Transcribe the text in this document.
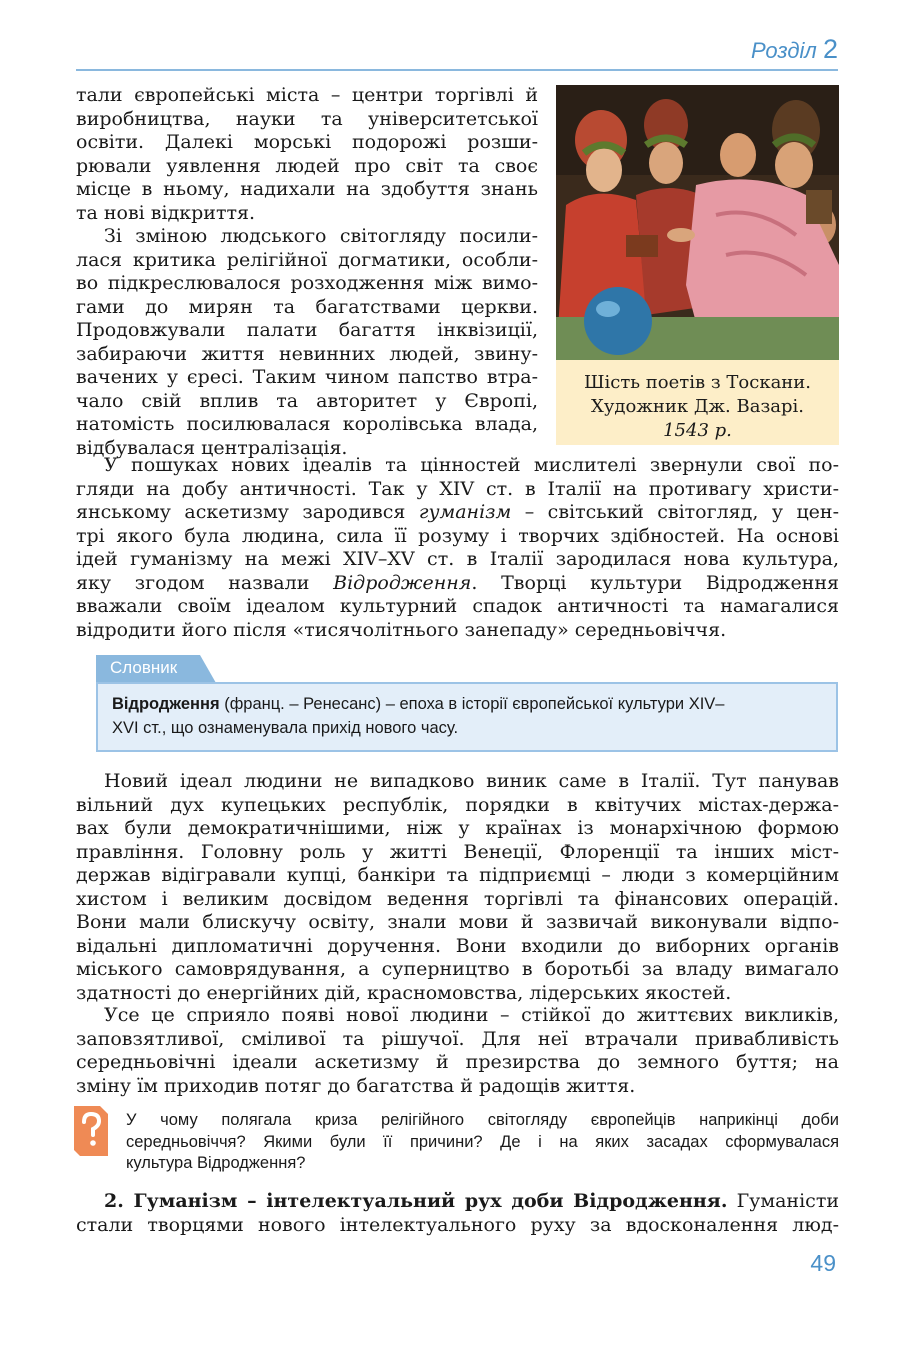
Розділ 2

тали європейські міста – центри торгівлі й
виробництва, науки та університетської
освіти. Далекі морські подорожі розши-
рювали уявлення людей про світ та своє
місце в ньому, надихали на здобуття знань
та нові відкриття.

Зі зміною людського світогляду посили-
лася критика релігійної догматики, особли-
во підкреслювалося розходження між вимо-
гами до мирян та багатствами церкви.
Продовжували палати багаття інквізиції,
забираючи життя невинних людей, звину-
вачених у єресі. Таким чином папство втра-
чало свій вплив та авторитет у Європі,
натомість посилювалася королівська влада,
відбувалася централізація.

Шість поетів з Тоскани.
Художник Дж. Вазарі.
1543 р.

У пошуках нових ідеалів та цінностей мислителі звернули свої по-
гляди на добу античності. Так у XIV ст. в Італії на противагу христи-
янському аскетизму зародився гуманізм – світський світогляд, у цен-
трі якого була людина, сила її розуму і творчих здібностей. На основі
ідей гуманізму на межі XIV–XV ст. в Італії зародилася нова культура,
яку згодом назвали Відродження. Творці культури Відродження
вважали своїм ідеалом культурний спадок античності та намагалися
відродити його після «тисячолітнього занепаду» середньовіччя.

Словник
Відродження (франц. – Ренесанс) – епоха в історії європейської культури XIV–
XVI ст., що ознаменувала прихід нового часу.

Новий ідеал людини не випадково виник саме в Італії. Тут панував
вільний дух купецьких республік, порядки в квітучих містах-держа-
вах були демократичнішими, ніж у країнах із монархічною формою
правління. Головну роль у житті Венеції, Флоренції та інших міст-
держав відігравали купці, банкіри та підприємці – люди з комерційним
хистом і великим досвідом ведення торгівлі та фінансових операцій.
Вони мали блискучу освіту, знали мови й зазвичай виконували відпо-
відальні дипломатичні доручення. Вони входили до виборних органів
міського самоврядування, а суперництво в боротьбі за владу вимагало
здатності до енергійних дій, красномовства, лідерських якостей.

Усе це сприяло появі нової людини – стійкої до життєвих викликів,
заповзятливої, сміливої та рішучої. Для неї втрачали привабливість
середньовічні ідеали аскетизму й презирства до земного буття; на
зміну їм приходив потяг до багатства й радощів життя.

У чому полягала криза релігійного світогляду європейців наприкінці доби
середньовіччя? Якими були її причини? Де і на яких засадах сформувалася
культура Відродження?

2. Гуманізм – інтелектуальний рух доби Відродження. Гуманісти
стали творцями нового інтелектуального руху за вдосконалення люд-

49
